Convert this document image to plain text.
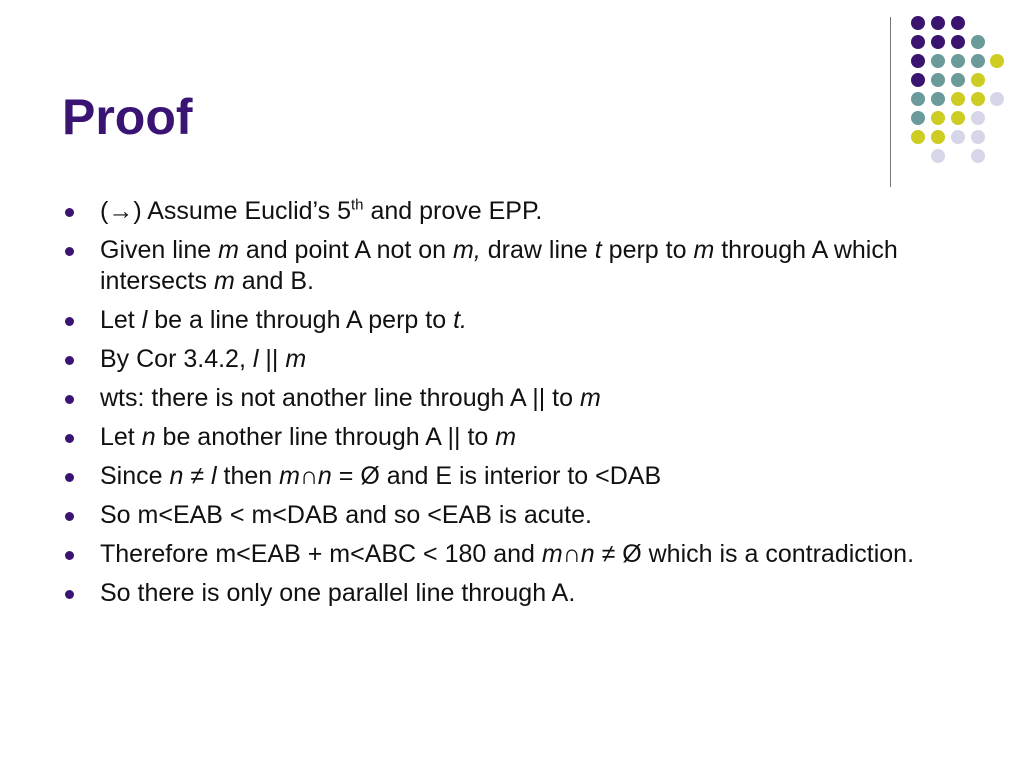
Proof
(→) Assume Euclid’s 5th and prove EPP.
Given line m and point A not on m, draw line t perp to m through A which intersects m and B.
Let l be a line through A perp to t.
By Cor 3.4.2, l || m
wts: there is not another line through A || to m
Let n be another line through A || to m
Since n ≠ l then m∩n = Ø and E is interior to <DAB
So m<EAB < m<DAB and so <EAB is acute.
Therefore m<EAB + m<ABC < 180 and m∩n ≠ Ø which is a contradiction.
So there is only one parallel line through A.
